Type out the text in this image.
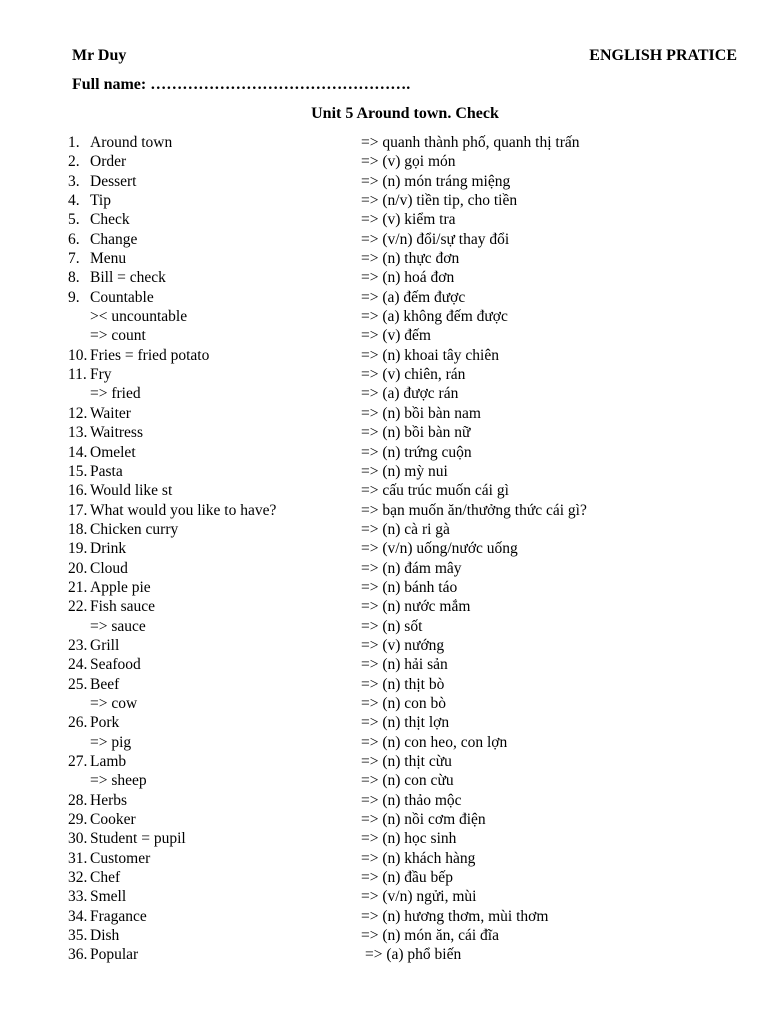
Mr Duy	ENGLISH PRATICE
Full name: ………………………………………….
Unit 5 Around town. Check
1. Around town	=> quanh thành phố, quanh thị trấn
2. Order	=> (v) gọi món
3. Dessert	=> (n) món tráng miệng
4. Tip	=> (n/v) tiền tip, cho tiền
5. Check	=> (v) kiểm tra
6. Change	=> (v/n) đổi/sự thay đổi
7. Menu	=> (n) thực đơn
8. Bill = check	=> (n) hoá đơn
9. Countable	=> (a) đếm được
>< uncountable	=> (a) không đếm được
=> count	=> (v) đếm
10. Fries = fried potato	=> (n) khoai tây chiên
11. Fry	=> (v) chiên, rán
=> fried	=> (a) được rán
12. Waiter	=> (n) bồi bàn nam
13. Waitress	=> (n) bồi bàn nữ
14. Omelet	=> (n) trứng cuộn
15. Pasta	=> (n) mỳ nui
16. Would like st	=> cấu trúc muốn cái gì
17. What would you like to have?	=> bạn muốn ăn/thưởng thức cái gì?
18. Chicken curry	=> (n) cà ri gà
19. Drink	=> (v/n) uống/nước uống
20. Cloud	=> (n) đám mây
21. Apple pie	=> (n) bánh táo
22. Fish sauce	=> (n) nước mắm
=> sauce	=> (n) sốt
23. Grill	=> (v) nướng
24. Seafood	=> (n) hải sản
25. Beef	=> (n) thịt bò
=> cow	=> (n) con bò
26. Pork	=> (n) thịt lợn
=> pig	=> (n) con heo, con lợn
27. Lamb	=> (n) thịt cừu
=> sheep	=> (n) con cừu
28. Herbs	=> (n) thảo mộc
29. Cooker	=> (n) nồi cơm điện
30. Student = pupil	=> (n) học sinh
31. Customer	=> (n) khách hàng
32. Chef	=> (n) đầu bếp
33. Smell	=> (v/n) ngửi, mùi
34. Fragance	=> (n) hương thơm, mùi thơm
35. Dish	=> (n) món ăn, cái đĩa
36. Popular	=> (a) phổ biến
